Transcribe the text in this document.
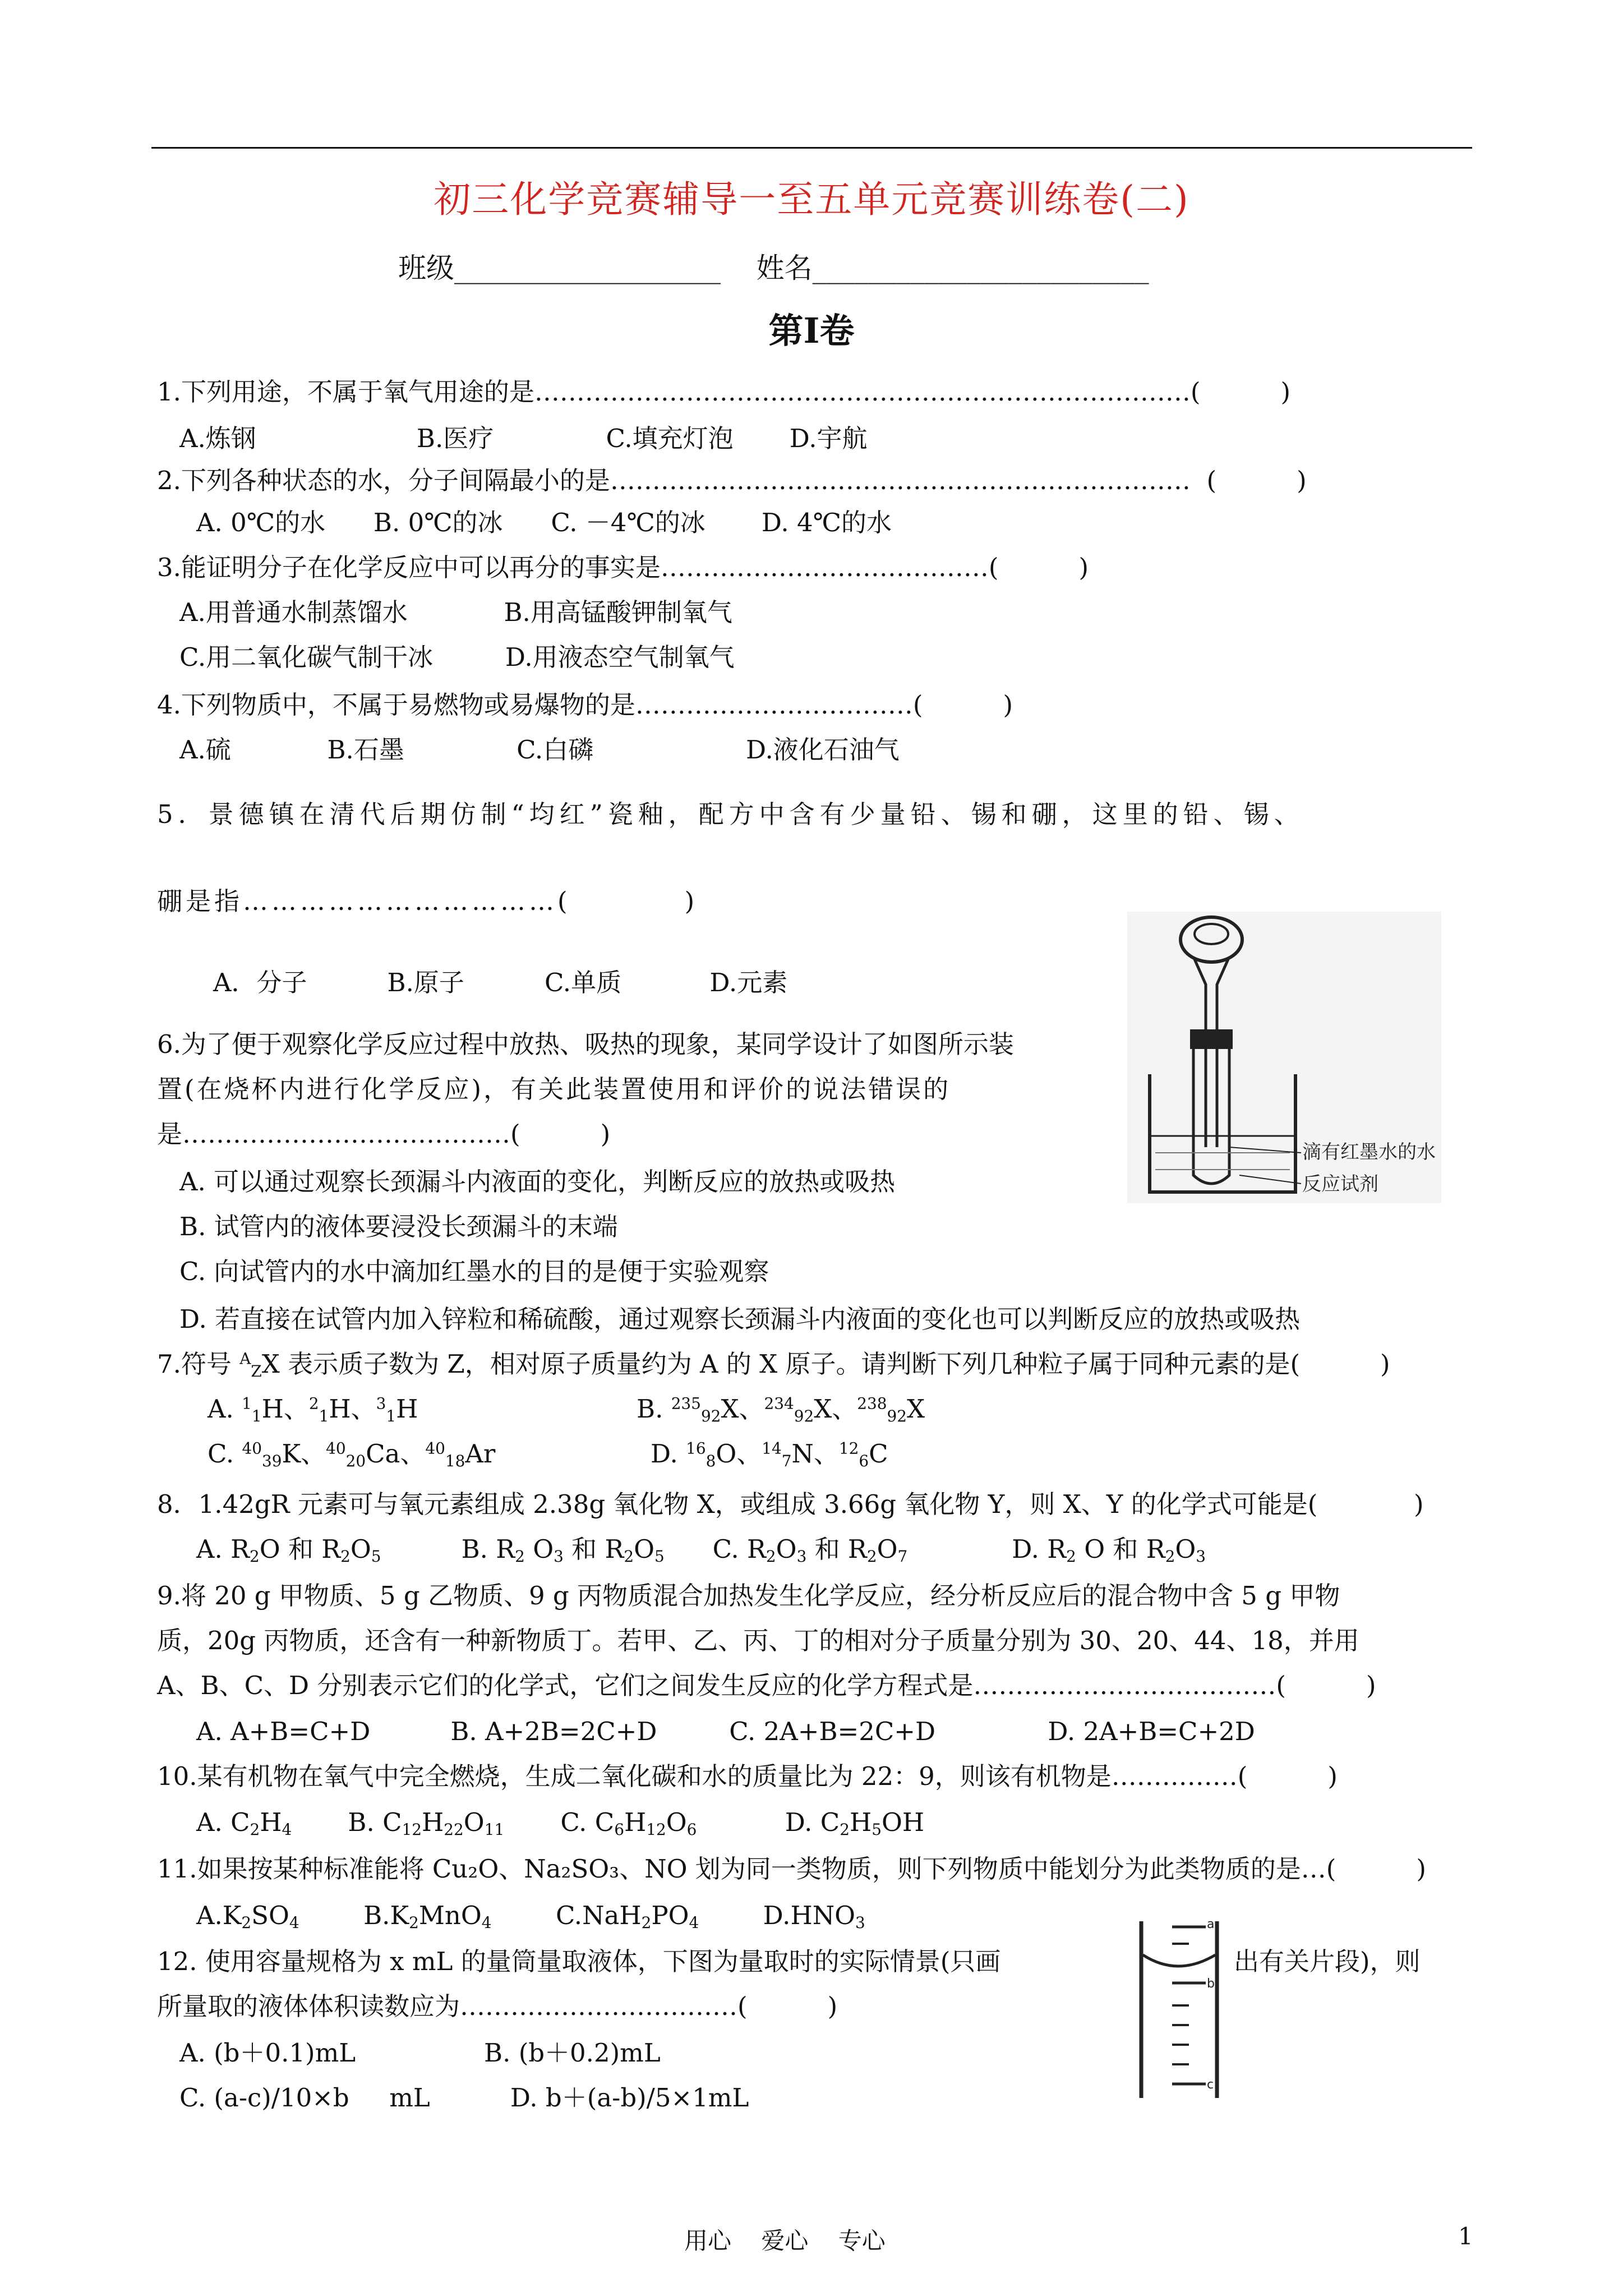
初三化学竞赛辅导一至五单元竞赛训练卷(二)
班级___________________    姓名________________________
第Ⅰ卷
1.下列用途，不属于氧气用途的是……………………………………………………………………(          )
A.炼钢                    B.医疗              C.填充灯泡       D.宇航
2.下列各种状态的水，分子间隔最小的是……………………………………………………………  (          )
A. 0℃的水      B. 0℃的冰      C. －4℃的冰       D. 4℃的水
3.能证明分子在化学反应中可以再分的事实是…………………………………(          )
A.用普通水制蒸馏水            B.用高锰酸钾制氧气
C.用二氧化碳气制干冰         D.用液态空气制氧气
4.下列物质中，不属于易燃物或易爆物的是……………………………(          )
A.硫            B.石墨              C.白磷                   D.液化石油气
5．景德镇在清代后期仿制“均红”瓷釉，配方中含有少量铅、锡和硼，这里的铅、锡、
硼是指……………………………(          )
A．分子          B.原子          C.单质           D.元素
6.为了便于观察化学反应过程中放热、吸热的现象，某同学设计了如图所示装
置(在烧杯内进行化学反应)，有关此装置使用和评价的说法错误的
是…………………………………(          )
A. 可以通过观察长颈漏斗内液面的变化，判断反应的放热或吸热
B. 试管内的液体要浸没长颈漏斗的末端
C. 向试管内的水中滴加红墨水的目的是便于实验观察
D. 若直接在试管内加入锌粒和稀硫酸，通过观察长颈漏斗内液面的变化也可以判断反应的放热或吸热
7.符号 $^A_Z$X 表示质子数为 Z，相对原子质量约为 A 的 X 原子。请判断下列几种粒子属于同种元素的是(          )
A. $^1_1$H、$^2_1$H、$^3_1$H	B. $^{235}_{92}$X、$^{234}_{92}$X、$^{238}_{92}$X
C. $^{40}_{39}$K、$^{40}_{20}$Ca、$^{40}_{18}$Ar	D. $^{16}_8$O、$^{14}_7$N、$^{12}_6$C
8．1.42gR 元素可与氧元素组成 2.38g 氧化物 X，或组成 3.66g 氧化物 Y，则 X、Y 的化学式可能是(            )
A. $R_2O$ 和 $R_2O_5$          B. $R_2$ $O_3$ 和 $R_2O_5$      C. $R_2O_3$ 和 $R_2O_7$             D. $R_2$ O 和 $R_2O_3$
9.将 20 g 甲物质、5 g 乙物质、9 g 丙物质混合加热发生化学反应，经分析反应后的混合物中含 5 g 甲物
质，20g 丙物质，还含有一种新物质丁。若甲、乙、丙、丁的相对分子质量分别为 30、20、44、18，并用
A、B、C、D 分别表示它们的化学式，它们之间发生反应的化学方程式是………………………………(          )
A. A+B=C+D          B. A+2B=2C+D         C. 2A+B=2C+D              D. 2A+B=C+2D
10.某有机物在氧气中完全燃烧，生成二氧化碳和水的质量比为 22：9，则该有机物是……………(          )
A. $C_2H_4$       B. $C_{12}H_{22}O_{11}$       C. $C_6H_{12}O_6$           D. $C_2H_5OH$
11.如果按某种标准能将 Cu₂O、Na₂SO₃、NO 划为同一类物质，则下列物质中能划分为此类物质的是…(          )
$A.K_2SO_4$        $B.K_2MnO_4$        $C.NaH_2PO_4$        $D.HNO_3$
12. 使用容量规格为 x mL 的量筒量取液体，下图为量取时的实际情景(只画	出有关片段)，则
所量取的液体体积读数应为……………………………(          )
A. (b＋0.1)mL                B. (b＋0.2)mL
C. (a-c)/10×b     mL          D. b＋(a-b)/5×1mL
滴有红墨水的水
反应试剂
a
b
c
用心    爱心    专心	1
